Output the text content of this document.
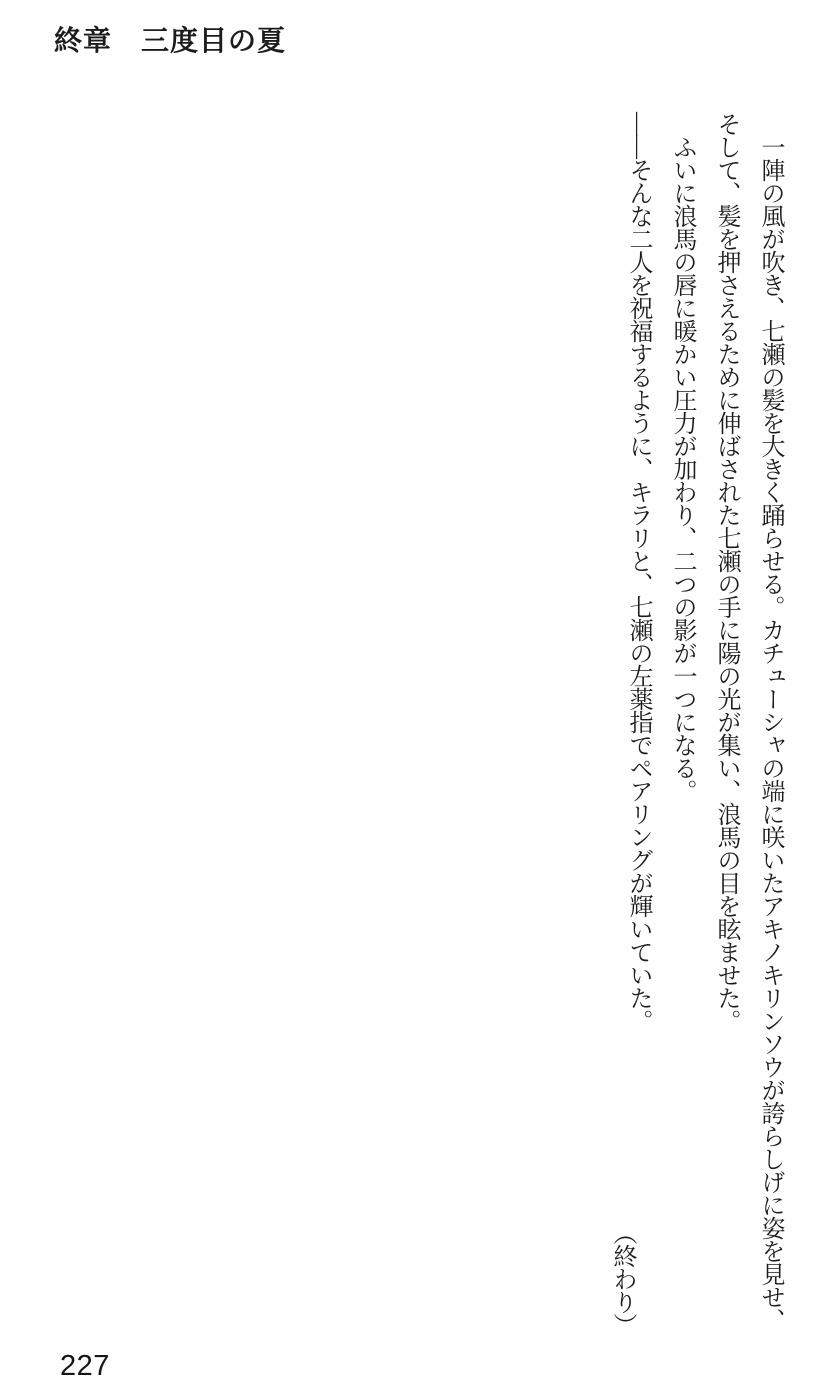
終章　三度目の夏

一陣の風が吹き、七瀬の髪を大きく踊らせる。カチューシャの端に咲いたアキノキリンソウが誇らしげに姿を見せ、

そして、髪を押さえるために伸ばされた七瀬の手に陽の光が集い、浪馬の目を眩ませた。

ふいに浪馬の唇に暖かい圧力が加わり、二つの影が一つになる。

——そんな二人を祝福するように、キラリと、七瀬の左薬指でペアリングが輝いていた。

（終わり）

227
